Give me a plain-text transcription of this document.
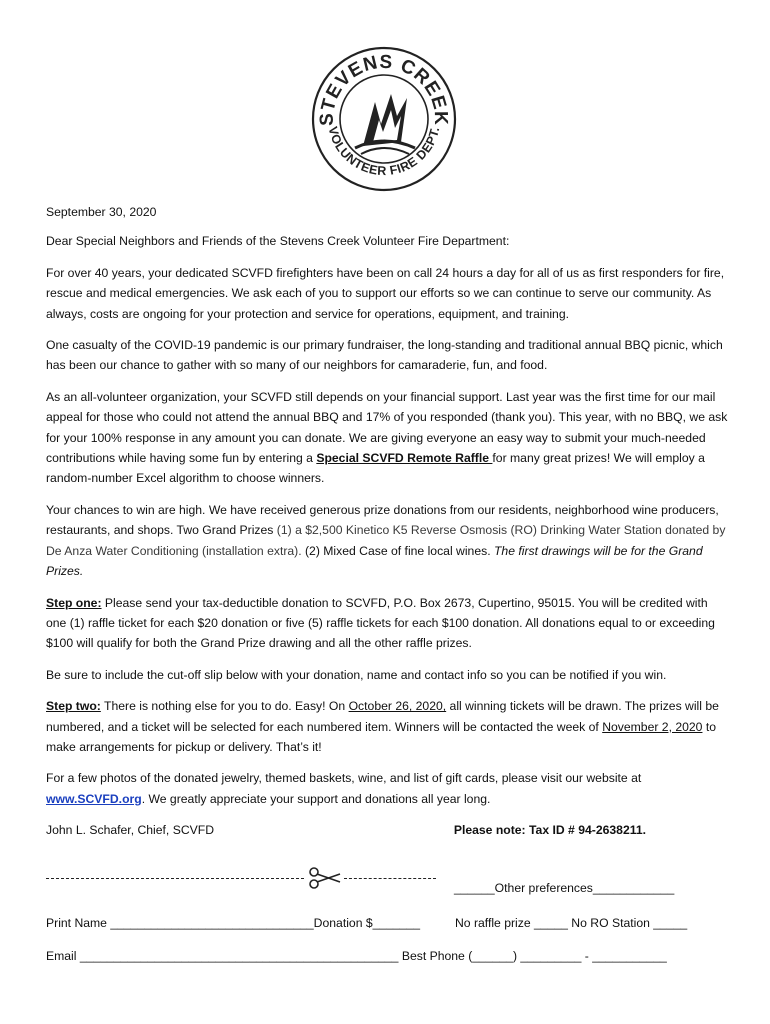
STEVENS CREEK
VOLUNTEER FIRE DEPT.

September 30, 2020

Dear Special Neighbors and Friends of the Stevens Creek Volunteer Fire Department:

For over 40 years, your dedicated SCVFD firefighters have been on call 24 hours a day for all of us as first responders for fire, rescue and medical emergencies. We ask each of you to support our efforts so we can continue to serve our community. As always, costs are ongoing for your protection and service for operations, equipment, and training.

One casualty of the COVID-19 pandemic is our primary fundraiser, the long-standing and traditional annual BBQ picnic, which has been our chance to gather with so many of our neighbors for camaraderie, fun, and food.

As an all-volunteer organization, your SCVFD still depends on your financial support. Last year was the first time for our mail appeal for those who could not attend the annual BBQ and 17% of you responded (thank you). This year, with no BBQ, we ask for your 100% response in any amount you can donate. We are giving everyone an easy way to submit your much-needed contributions while having some fun by entering a Special SCVFD Remote Raffle for many great prizes! We will employ a random-number Excel algorithm to choose winners.

Your chances to win are high. We have received generous prize donations from our residents, neighborhood wine producers, restaurants, and shops. Two Grand Prizes (1) a $2,500 Kinetico K5 Reverse Osmosis (RO) Drinking Water Station donated by De Anza Water Conditioning (installation extra). (2) Mixed Case of fine local wines. The first drawings will be for the Grand Prizes.

Step one: Please send your tax-deductible donation to SCVFD, P.O. Box 2673, Cupertino, 95015. You will be credited with one (1) raffle ticket for each $20 donation or five (5) raffle tickets for each $100 donation. All donations equal to or exceeding $100 will qualify for both the Grand Prize drawing and all the other raffle prizes.

Be sure to include the cut-off slip below with your donation, name and contact info so you can be notified if you win.

Step two: There is nothing else for you to do. Easy! On October 26, 2020, all winning tickets will be drawn. The prizes will be numbered, and a ticket will be selected for each numbered item. Winners will be contacted the week of November 2, 2020 to make arrangements for pickup or delivery. That’s it!

For a few photos of the donated jewelry, themed baskets, wine, and list of gift cards, please visit our website at www.SCVFD.org. We greatly appreciate your support and donations all year long.

John L. Schafer, Chief, SCVFD	Please note: Tax ID # 94-2638211.
______Other preferences____________
Print Name ______________________________Donation $_______	No raffle prize _____ No RO Station _____
Email _______________________________________________ Best Phone (______) _________ - ___________
